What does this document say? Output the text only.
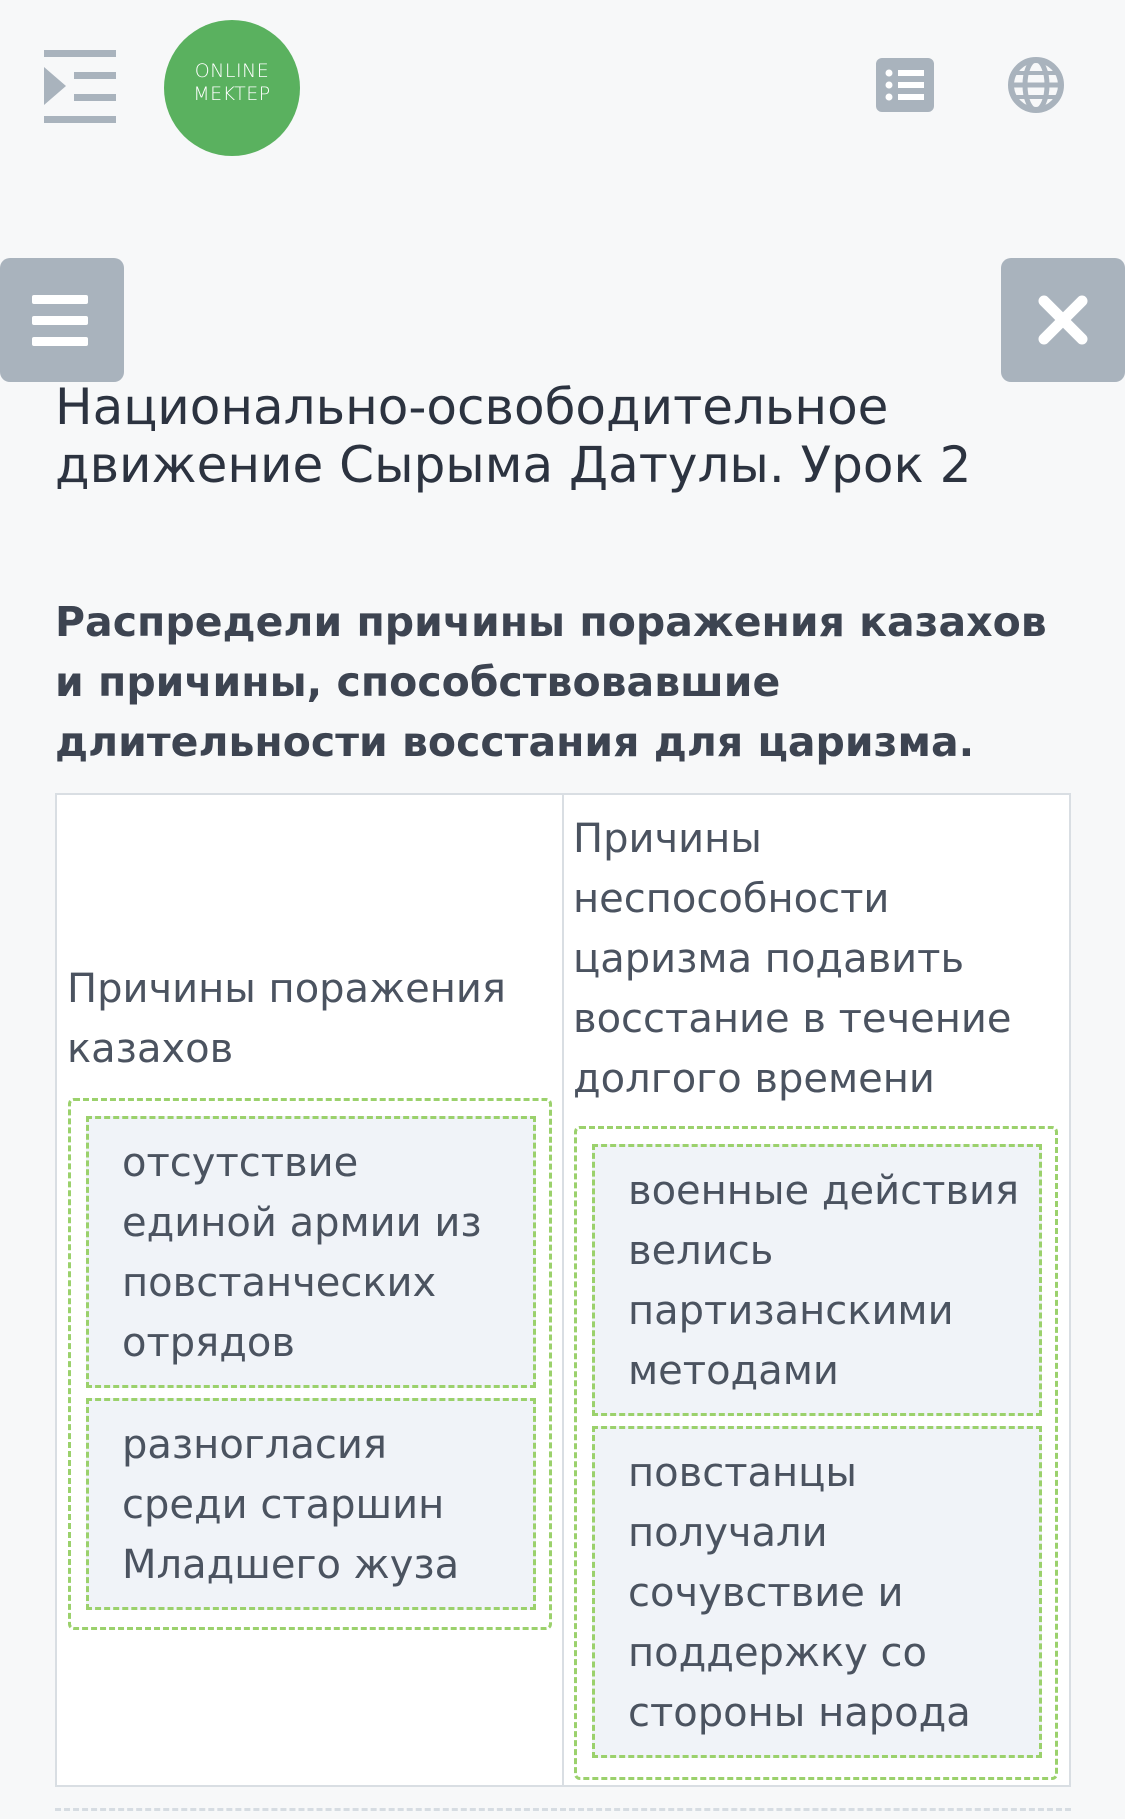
ONLINE
MEKTEP
Национально-освободительное движение Сырыма Датулы. Урок 2
Распредели причины поражения казахов и причины, способствовавшие длительности восстания для царизма.
Причины поражения казахов
Причины неспособности царизма подавить восстание в течение долгого времени
отсутствие единой армии из повстанческих отрядов
разногласия среди старшин Младшего жуза
военные действия велись партизанскими методами
повстанцы получали сочувствие и поддержку со стороны народа
